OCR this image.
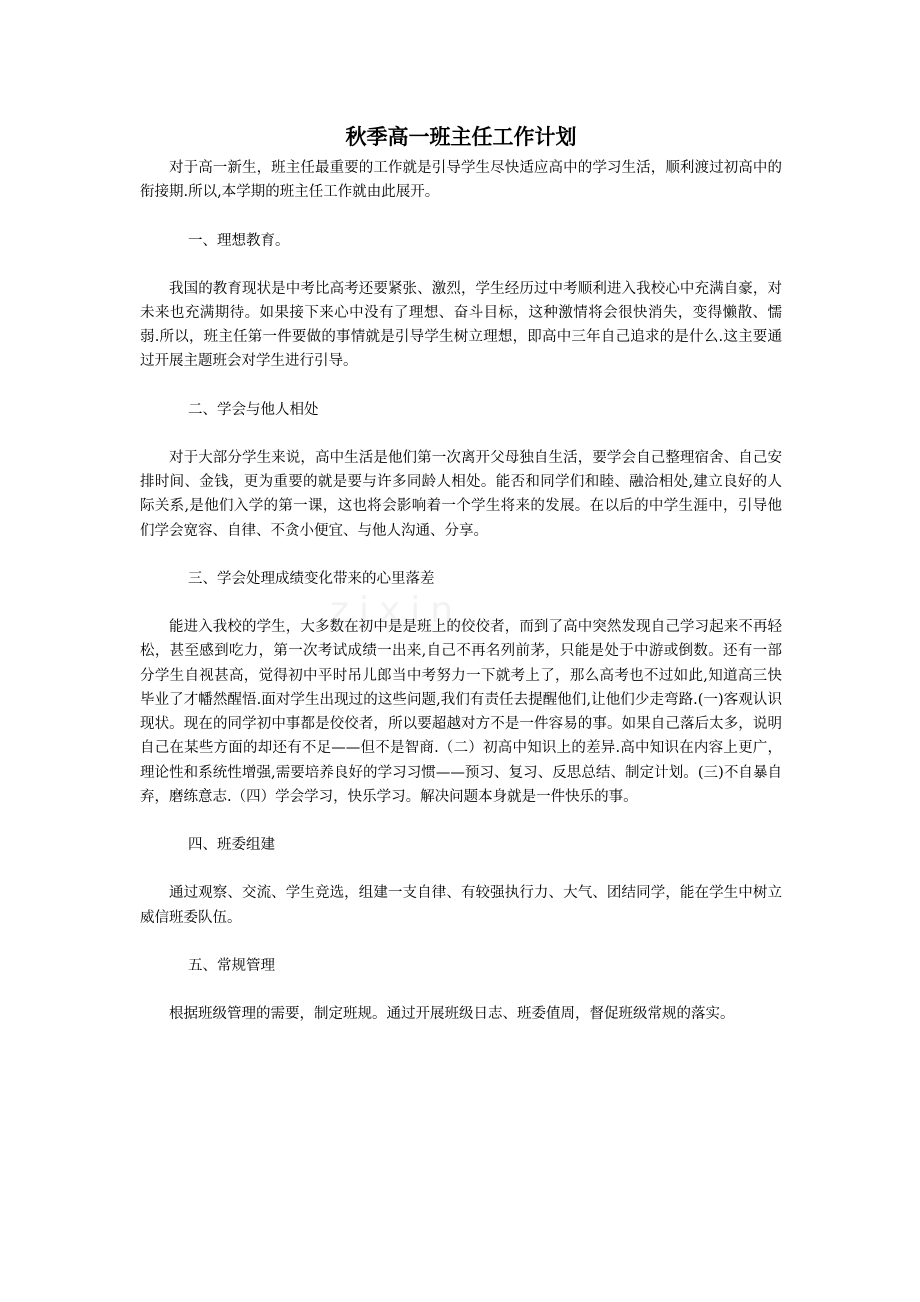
秋季高一班主任工作计划

对于高一新生，班主任最重要的工作就是引导学生尽快适应高中的学习生活，顺利渡过初高中的衔接期.所以,本学期的班主任工作就由此展开。

一、理想教育。

我国的教育现状是中考比高考还要紧张、激烈，学生经历过中考顺利进入我校心中充满自豪，对未来也充满期待。如果接下来心中没有了理想、奋斗目标，这种激情将会很快消失，变得懒散、懦弱.所以，班主任第一件要做的事情就是引导学生树立理想，即高中三年自己追求的是什么.这主要通过开展主题班会对学生进行引导。

二、学会与他人相处

对于大部分学生来说，高中生活是他们第一次离开父母独自生活，要学会自己整理宿舍、自己安排时间、金钱，更为重要的就是要与许多同龄人相处。能否和同学们和睦、融洽相处,建立良好的人际关系,是他们入学的第一课，这也将会影响着一个学生将来的发展。在以后的中学生涯中，引导他们学会宽容、自律、不贪小便宜、与他人沟通、分享。

三、学会处理成绩变化带来的心里落差

能进入我校的学生，大多数在初中是是班上的佼佼者，而到了高中突然发现自己学习起来不再轻松，甚至感到吃力，第一次考试成绩一出来,自己不再名列前茅，只能是处于中游或倒数。还有一部分学生自视甚高，觉得初中平时吊儿郎当中考努力一下就考上了，那么高考也不过如此,知道高三快毕业了才幡然醒悟.面对学生出现过的这些问题,我们有责任去提醒他们,让他们少走弯路.(一)客观认识现状。现在的同学初中事都是佼佼者，所以要超越对方不是一件容易的事。如果自己落后太多，说明自己在某些方面的却还有不足——但不是智商.（二）初高中知识上的差异.高中知识在内容上更广，理论性和系统性增强,需要培养良好的学习习惯——预习、复习、反思总结、制定计划。(三)不自暴自弃，磨练意志.（四）学会学习，快乐学习。解决问题本身就是一件快乐的事。

四、班委组建

通过观察、交流、学生竞选，组建一支自律、有较强执行力、大气、团结同学，能在学生中树立威信班委队伍。

五、常规管理

根据班级管理的需要，制定班规。通过开展班级日志、班委值周，督促班级常规的落实。

zixin
